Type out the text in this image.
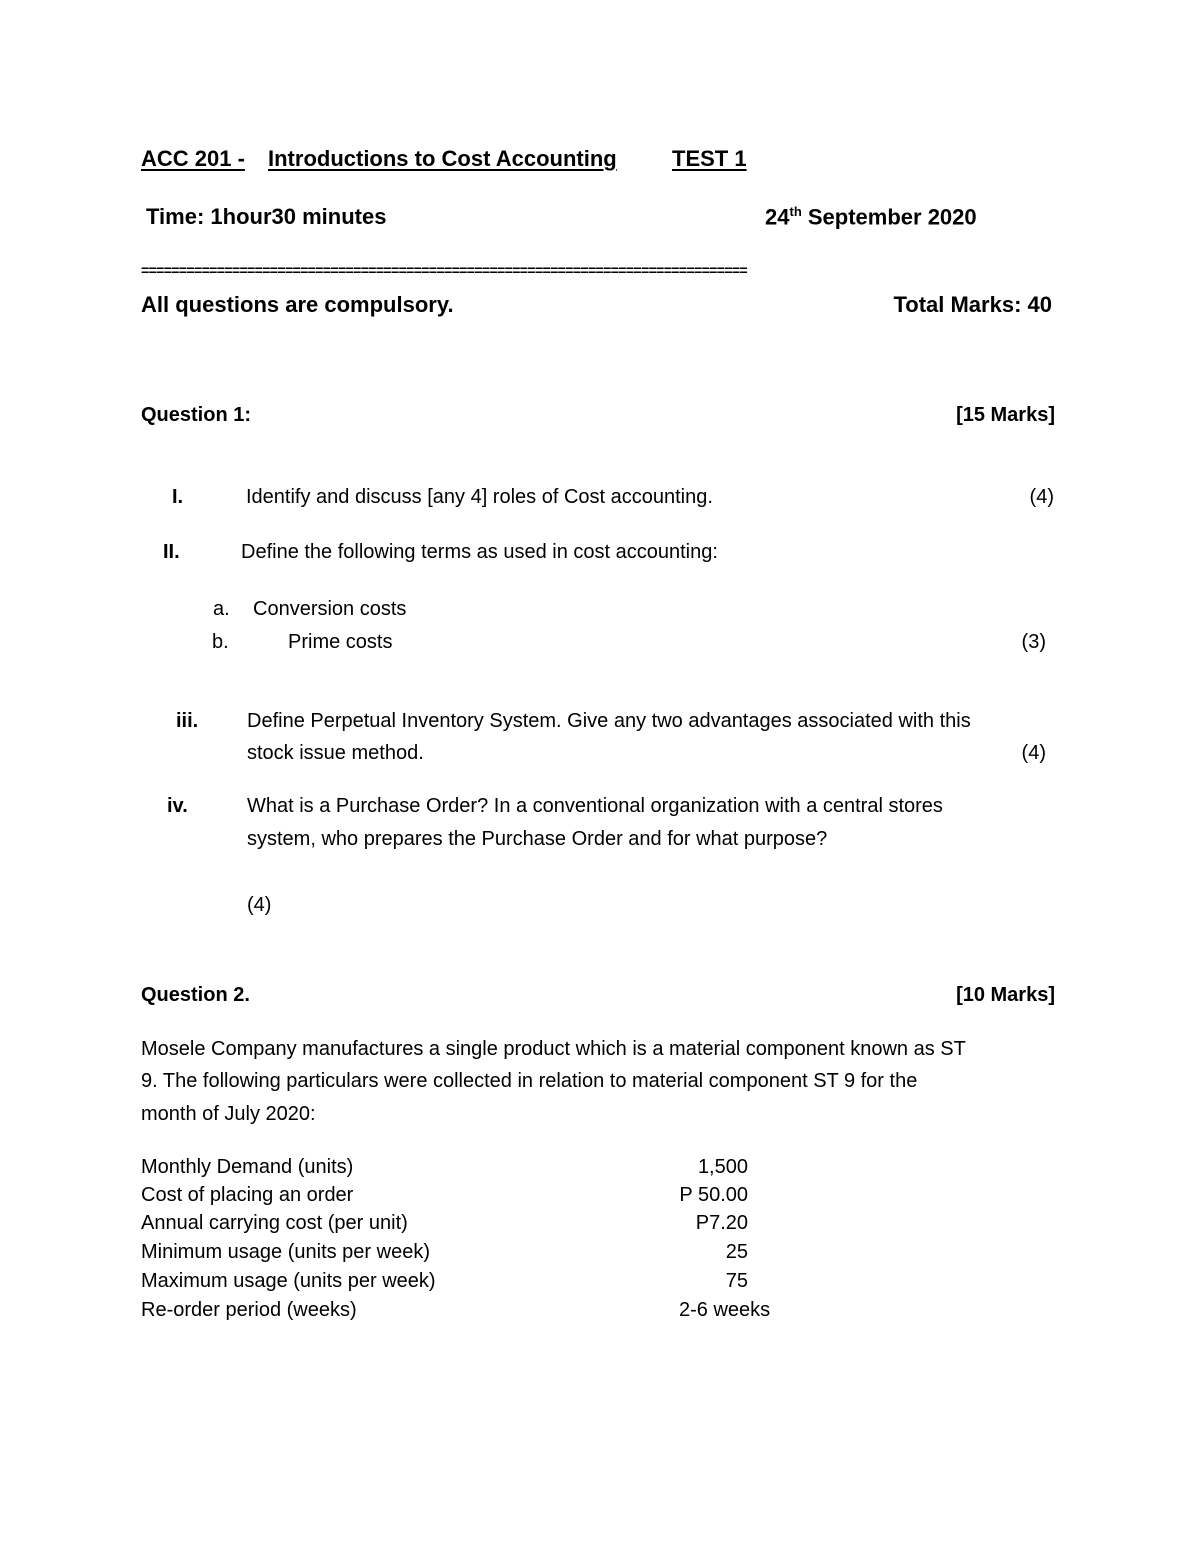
ACC 201 - Introductions to Cost Accounting	TEST 1
Time: 1hour30 minutes	24th September 2020
================================================================================
All questions are compulsory.	Total Marks: 40
Question 1:	[15 Marks]
I.	Identify and discuss [any 4] roles of Cost accounting.	(4)
II.	Define the following terms as used in cost accounting:
a. Conversion costs
b.	Prime costs	(3)
iii. Define Perpetual Inventory System. Give any two advantages associated with this
stock issue method.	(4)
iv.	What is a Purchase Order? In a conventional organization with a central stores
system, who prepares the Purchase Order and for what purpose?
(4)
Question 2.	[10 Marks]
Mosele Company manufactures a single product which is a material component known as ST
9. The following particulars were collected in relation to material component ST 9 for the
month of July 2020:
Monthly Demand (units)	1,500
Cost of placing an order	P 50.00
Annual carrying cost (per unit)	P7.20
Minimum usage (units per week)	25
Maximum usage (units per week)	75
Re-order period (weeks)	2-6 weeks
